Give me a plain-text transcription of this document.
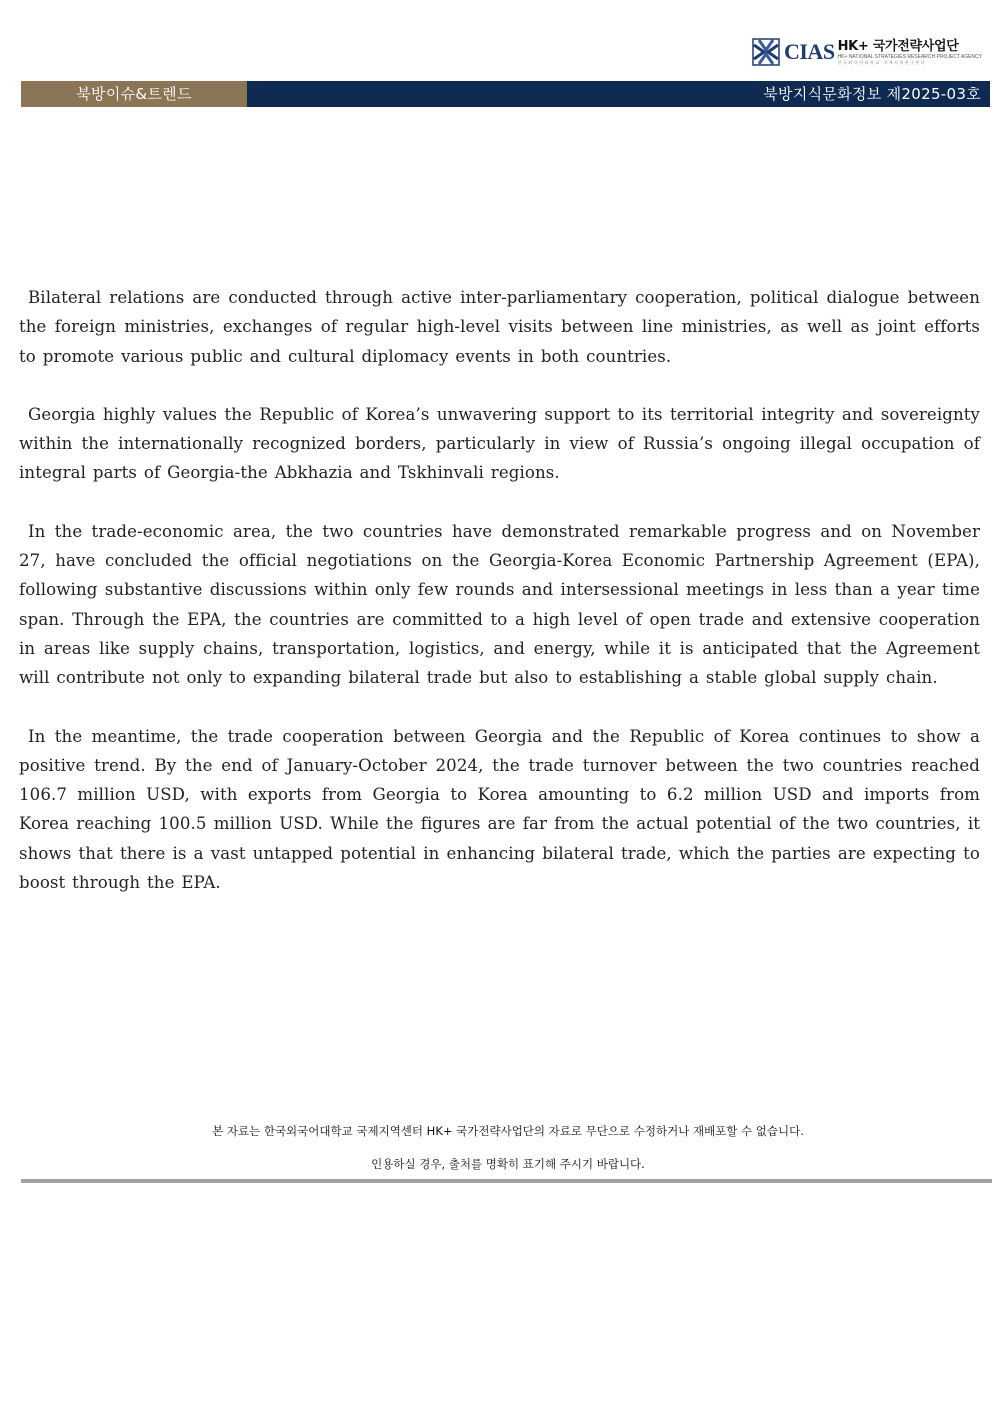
CIAS HK+ 국가전략사업단
HK+ NATIONAL STRATEGIES RESEARCH PROJECT AGENCY
한국외국어대학교 국제지역연구센터
북방이슈&트렌드	북방지식문화정보 제2025-03호

Bilateral relations are conducted through active inter-parliamentary cooperation, political dialogue between the foreign ministries, exchanges of regular high-level visits between line ministries, as well as joint efforts to promote various public and cultural diplomacy events in both countries.

Georgia highly values the Republic of Korea’s unwavering support to its territorial integrity and sovereignty within the internationally recognized borders, particularly in view of Russia’s ongoing illegal occupation of integral parts of Georgia-the Abkhazia and Tskhinvali regions.

In the trade-economic area, the two countries have demonstrated remarkable progress and on November 27, have concluded the official negotiations on the Georgia-Korea Economic Partnership Agreement (EPA), following substantive discussions within only few rounds and intersessional meetings in less than a year time span. Through the EPA, the countries are committed to a high level of open trade and extensive cooperation in areas like supply chains, transportation, logistics, and energy, while it is anticipated that the Agreement will contribute not only to expanding bilateral trade but also to establishing a stable global supply chain.

In the meantime, the trade cooperation between Georgia and the Republic of Korea continues to show a positive trend. By the end of January-October 2024, the trade turnover between the two countries reached 106.7 million USD, with exports from Georgia to Korea amounting to 6.2 million USD and imports from Korea reaching 100.5 million USD. While the figures are far from the actual potential of the two countries, it shows that there is a vast untapped potential in enhancing bilateral trade, which the parties are expecting to boost through the EPA.

본 자료는 한국외국어대학교 국제지역센터 HK+ 국가전략사업단의 자료로 무단으로 수정하거나 재배포할 수 없습니다.
인용하실 경우, 출처를 명확히 표기해 주시기 바랍니다.
